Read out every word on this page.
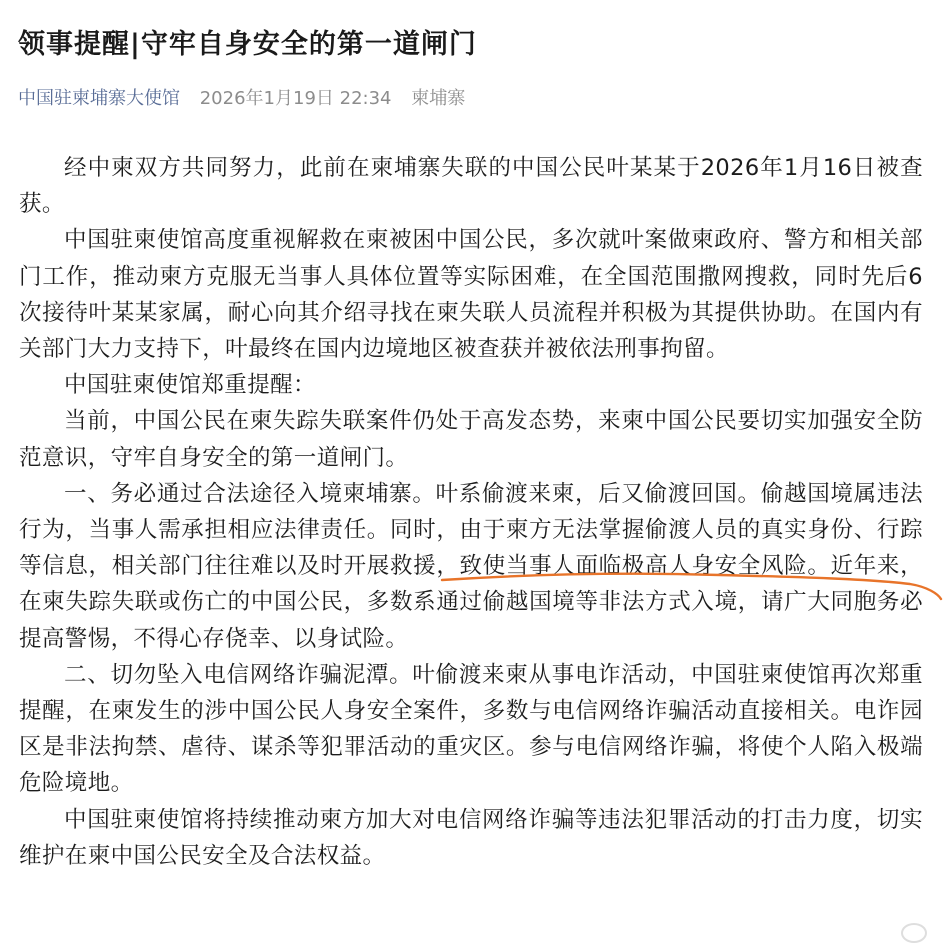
领事提醒|守牢自身安全的第一道闸门
中国驻柬埔寨大使馆 2026年1月19日 22:34 柬埔寨

经中柬双方共同努力，此前在柬埔寨失联的中国公民叶某某于2026年1月16日被查获。

中国驻柬使馆高度重视解救在柬被困中国公民，多次就叶案做柬政府、警方和相关部门工作，推动柬方克服无当事人具体位置等实际困难，在全国范围撒网搜救，同时先后6次接待叶某某家属，耐心向其介绍寻找在柬失联人员流程并积极为其提供协助。在国内有关部门大力支持下，叶最终在国内边境地区被查获并被依法刑事拘留。

中国驻柬使馆郑重提醒：

当前，中国公民在柬失踪失联案件仍处于高发态势，来柬中国公民要切实加强安全防范意识，守牢自身安全的第一道闸门。

一、务必通过合法途径入境柬埔寨。叶系偷渡来柬，后又偷渡回国。偷越国境属违法行为，当事人需承担相应法律责任。同时，由于柬方无法掌握偷渡人员的真实身份、行踪等信息，相关部门往往难以及时开展救援，致使当事人面临极高人身安全风险。近年来，在柬失踪失联或伤亡的中国公民，多数系通过偷越国境等非法方式入境，请广大同胞务必提高警惕，不得心存侥幸、以身试险。

二、切勿坠入电信网络诈骗泥潭。叶偷渡来柬从事电诈活动，中国驻柬使馆再次郑重提醒，在柬发生的涉中国公民人身安全案件，多数与电信网络诈骗活动直接相关。电诈园区是非法拘禁、虐待、谋杀等犯罪活动的重灾区。参与电信网络诈骗，将使个人陷入极端危险境地。

中国驻柬使馆将持续推动柬方加大对电信网络诈骗等违法犯罪活动的打击力度，切实维护在柬中国公民安全及合法权益。
